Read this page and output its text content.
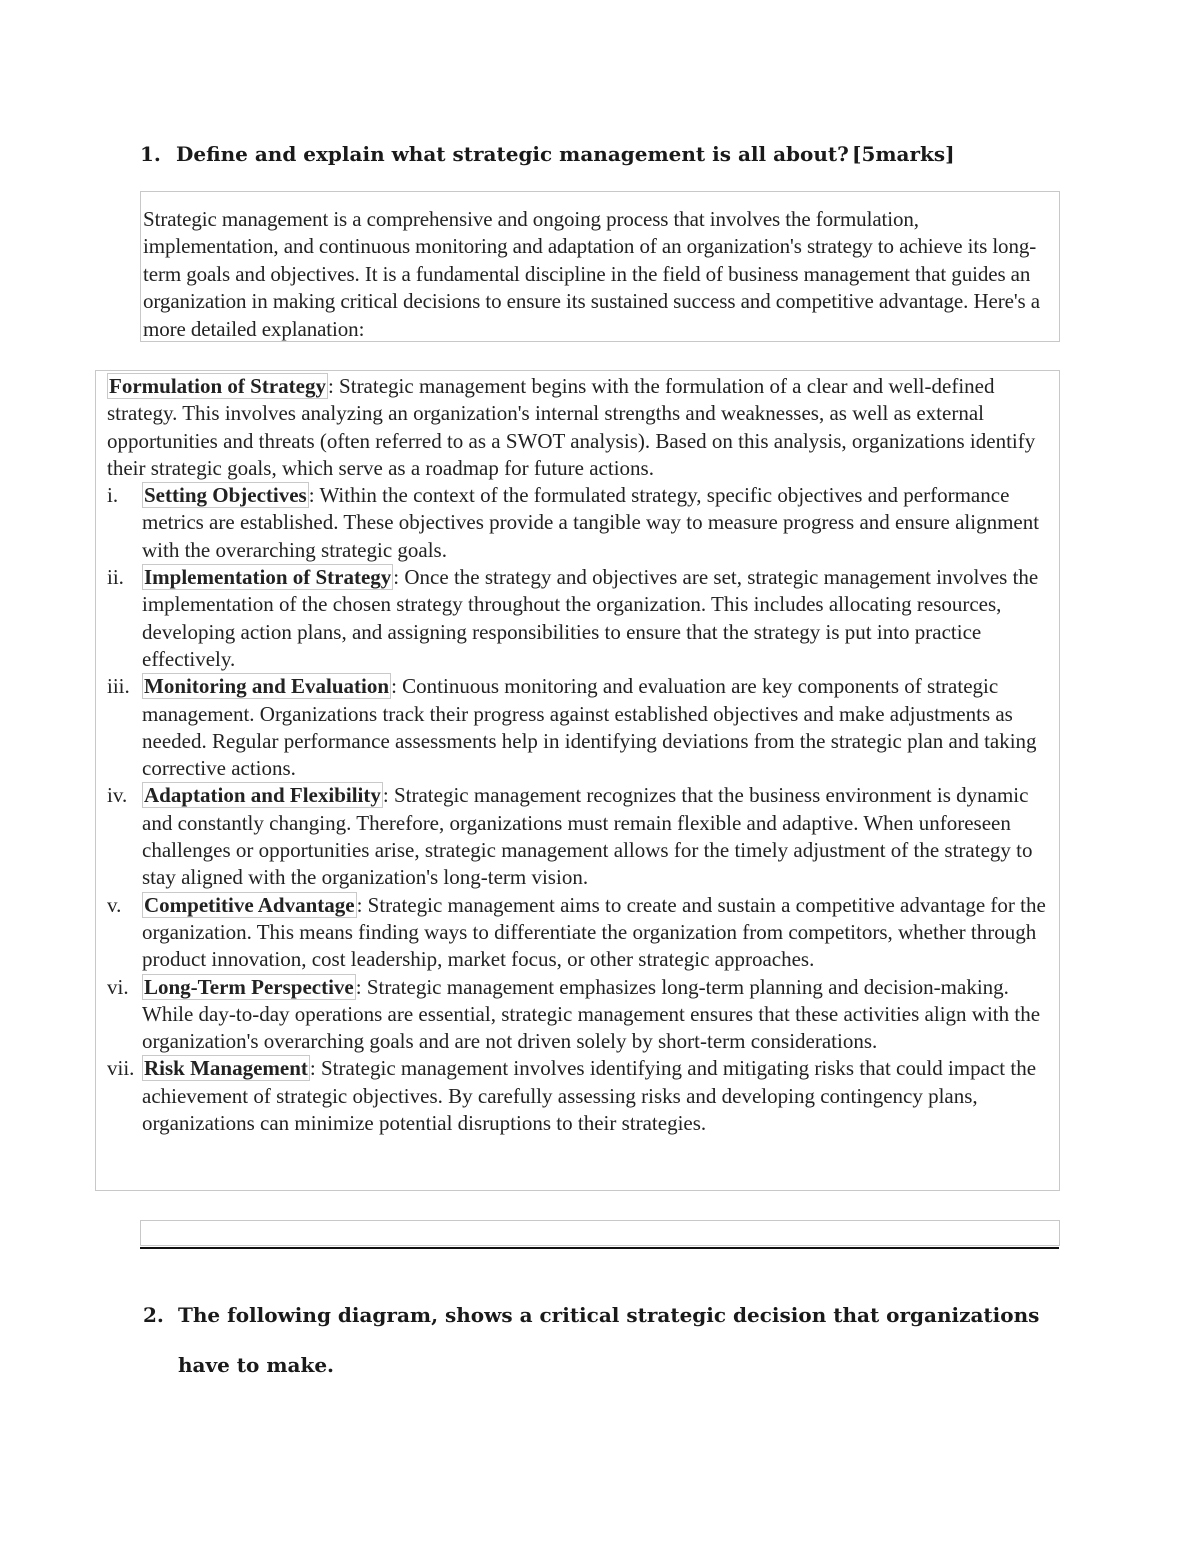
1. Define and explain what strategic management is all about? [5marks]

Strategic management is a comprehensive and ongoing process that involves the formulation, implementation, and continuous monitoring and adaptation of an organization's strategy to achieve its long-term goals and objectives. It is a fundamental discipline in the field of business management that guides an organization in making critical decisions to ensure its sustained success and competitive advantage. Here's a more detailed explanation:

Formulation of Strategy: Strategic management begins with the formulation of a clear and well-defined strategy. This involves analyzing an organization's internal strengths and weaknesses, as well as external opportunities and threats (often referred to as a SWOT analysis). Based on this analysis, organizations identify their strategic goals, which serve as a roadmap for future actions.

i. Setting Objectives: Within the context of the formulated strategy, specific objectives and performance metrics are established. These objectives provide a tangible way to measure progress and ensure alignment with the overarching strategic goals.
ii. Implementation of Strategy: Once the strategy and objectives are set, strategic management involves the implementation of the chosen strategy throughout the organization. This includes allocating resources, developing action plans, and assigning responsibilities to ensure that the strategy is put into practice effectively.
iii. Monitoring and Evaluation: Continuous monitoring and evaluation are key components of strategic management. Organizations track their progress against established objectives and make adjustments as needed. Regular performance assessments help in identifying deviations from the strategic plan and taking corrective actions.
iv. Adaptation and Flexibility: Strategic management recognizes that the business environment is dynamic and constantly changing. Therefore, organizations must remain flexible and adaptive. When unforeseen challenges or opportunities arise, strategic management allows for the timely adjustment of the strategy to stay aligned with the organization's long-term vision.
v. Competitive Advantage: Strategic management aims to create and sustain a competitive advantage for the organization. This means finding ways to differentiate the organization from competitors, whether through product innovation, cost leadership, market focus, or other strategic approaches.
vi. Long-Term Perspective: Strategic management emphasizes long-term planning and decision-making. While day-to-day operations are essential, strategic management ensures that these activities align with the organization's overarching goals and are not driven solely by short-term considerations.
vii. Risk Management: Strategic management involves identifying and mitigating risks that could impact the achievement of strategic objectives. By carefully assessing risks and developing contingency plans, organizations can minimize potential disruptions to their strategies.
2. The following diagram, shows a critical strategic decision that organizations have to make.
